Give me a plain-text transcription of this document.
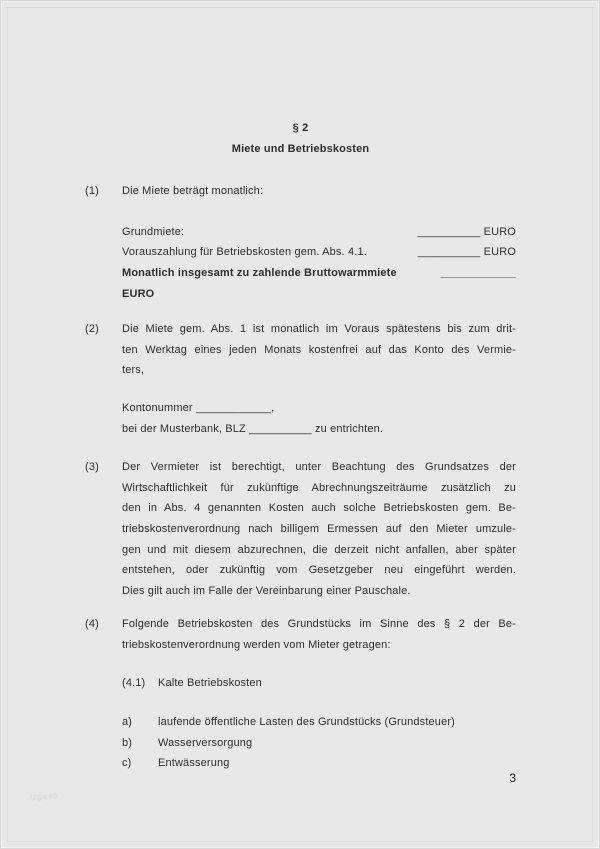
§ 2
Miete und Betriebskosten
(1)	Die Miete beträgt monatlich:
Grundmiete:	__________ EURO
Vorauszahlung für Betriebskosten gem. Abs. 4.1.	__________ EURO
Monatlich insgesamt zu zahlende Bruttowarmmiete	____________
EURO
(2)	Die Miete gem. Abs. 1 ist monatlich im Voraus spätestens bis zum drit-
ten Werktag eines jeden Monats kostenfrei auf das Konto des Vermie-
ters,
Kontonummer ____________,
bei der Musterbank, BLZ __________ zu entrichten.
(3)	Der Vermieter ist berechtigt, unter Beachtung des Grundsatzes der
Wirtschaftlichkeit für zukünftige Abrechnungszeiträume zusätzlich zu
den in Abs. 4 genannten Kosten auch solche Betriebskosten gem. Be-
triebskostenverordnung nach billigem Ermessen auf den Mieter umzule-
gen und mit diesem abzurechnen, die derzeit nicht anfallen, aber später
entstehen, oder zukünftig vom Gesetzgeber neu eingeführt werden.
Dies gilt auch im Falle der Vereinbarung einer Pauschale.
(4)	Folgende Betriebskosten des Grundstücks im Sinne des § 2 der Be-
triebskostenverordnung werden vom Mieter getragen:
(4.1)	Kalte Betriebskosten
a)	laufende öffentliche Lasten des Grundstücks (Grundsteuer)
b)	Wasserversorgung
c)	Entwässerung
3
tzgweb
